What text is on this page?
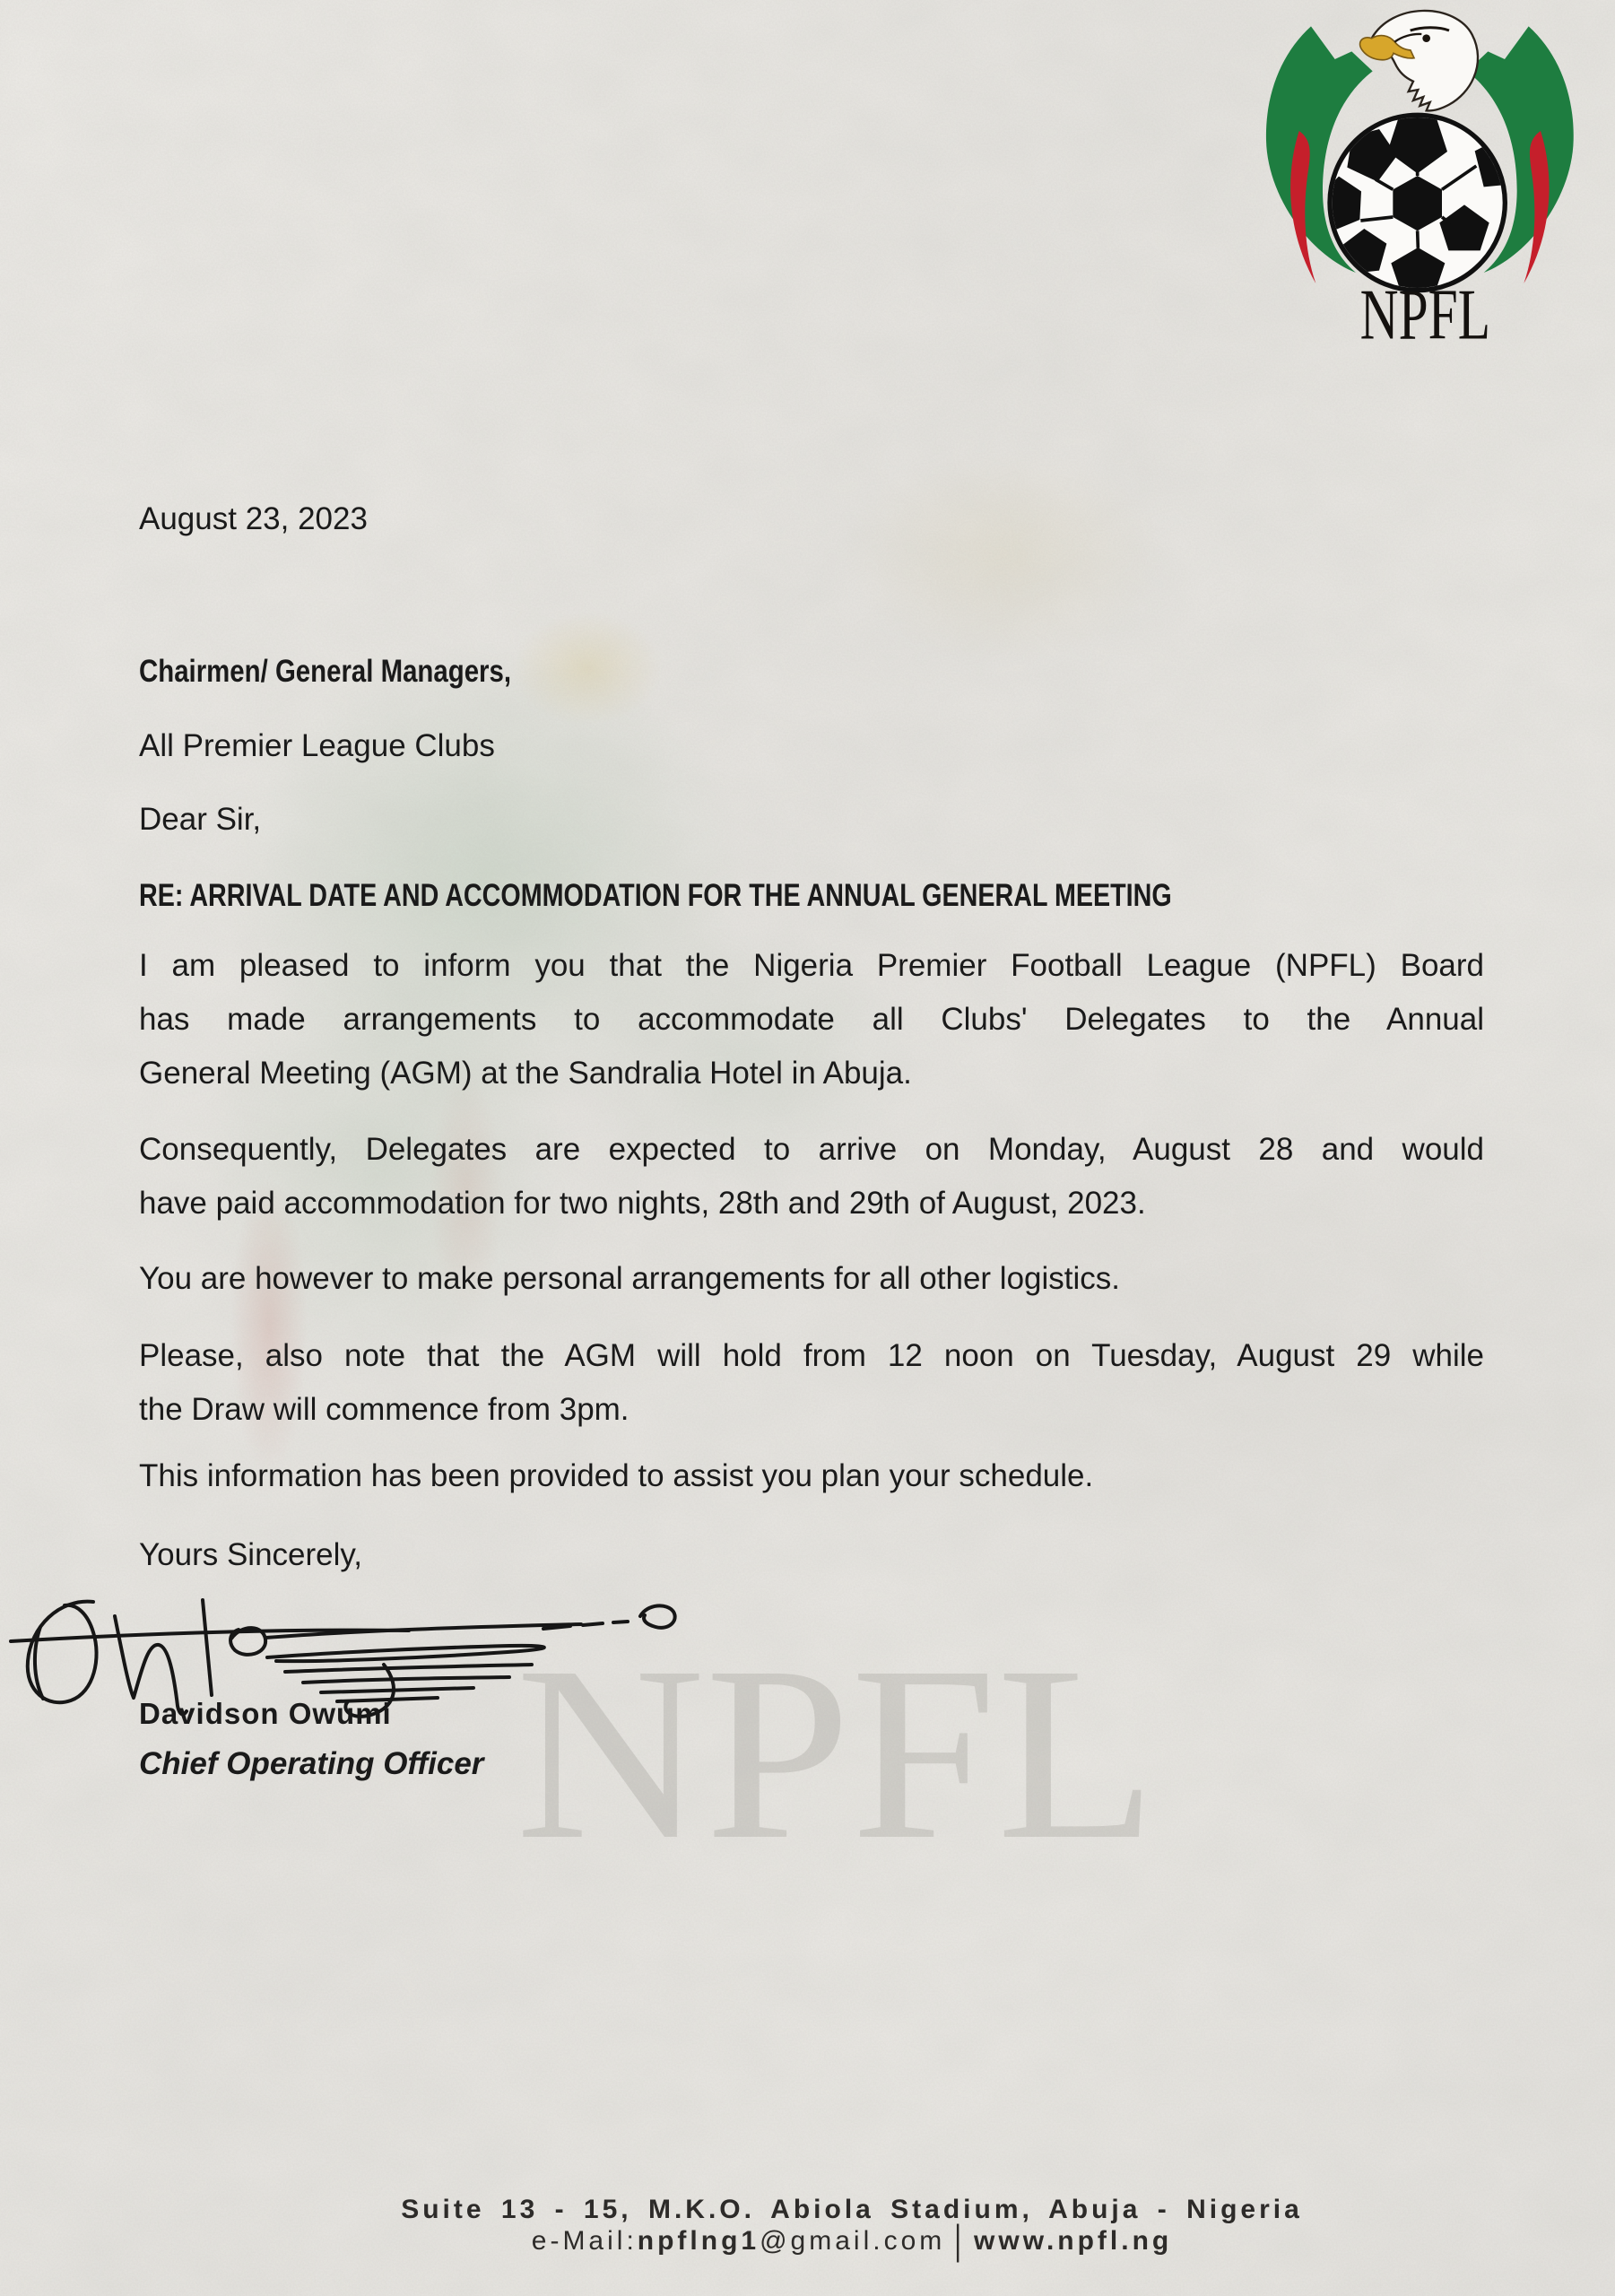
NPFL
NPFL
August 23, 2023
Chairmen/ General Managers,
All Premier League Clubs
Dear Sir,
RE: ARRIVAL DATE AND ACCOMMODATION FOR THE ANNUAL GENERAL MEETING
I am pleased to inform you that the Nigeria Premier Football League (NPFL) Board
has made arrangements to accommodate all Clubs' Delegates to the Annual
General Meeting (AGM) at the Sandralia Hotel in Abuja.
Consequently, Delegates are expected to arrive on Monday, August 28 and would
have paid accommodation for two nights, 28th and 29th of August, 2023.
You are however to make personal arrangements for all other logistics.
Please, also note that the AGM will hold from 12 noon on Tuesday, August 29 while
the Draw will commence from 3pm.
This information has been provided to assist you plan your schedule.
Yours Sincerely,
Davidson Owumi
Chief Operating Officer
Suite 13 - 15, M.K.O. Abiola Stadium, Abuja - Nigeria
e-Mail:npflng1@gmail.com | www.npfl.ng
